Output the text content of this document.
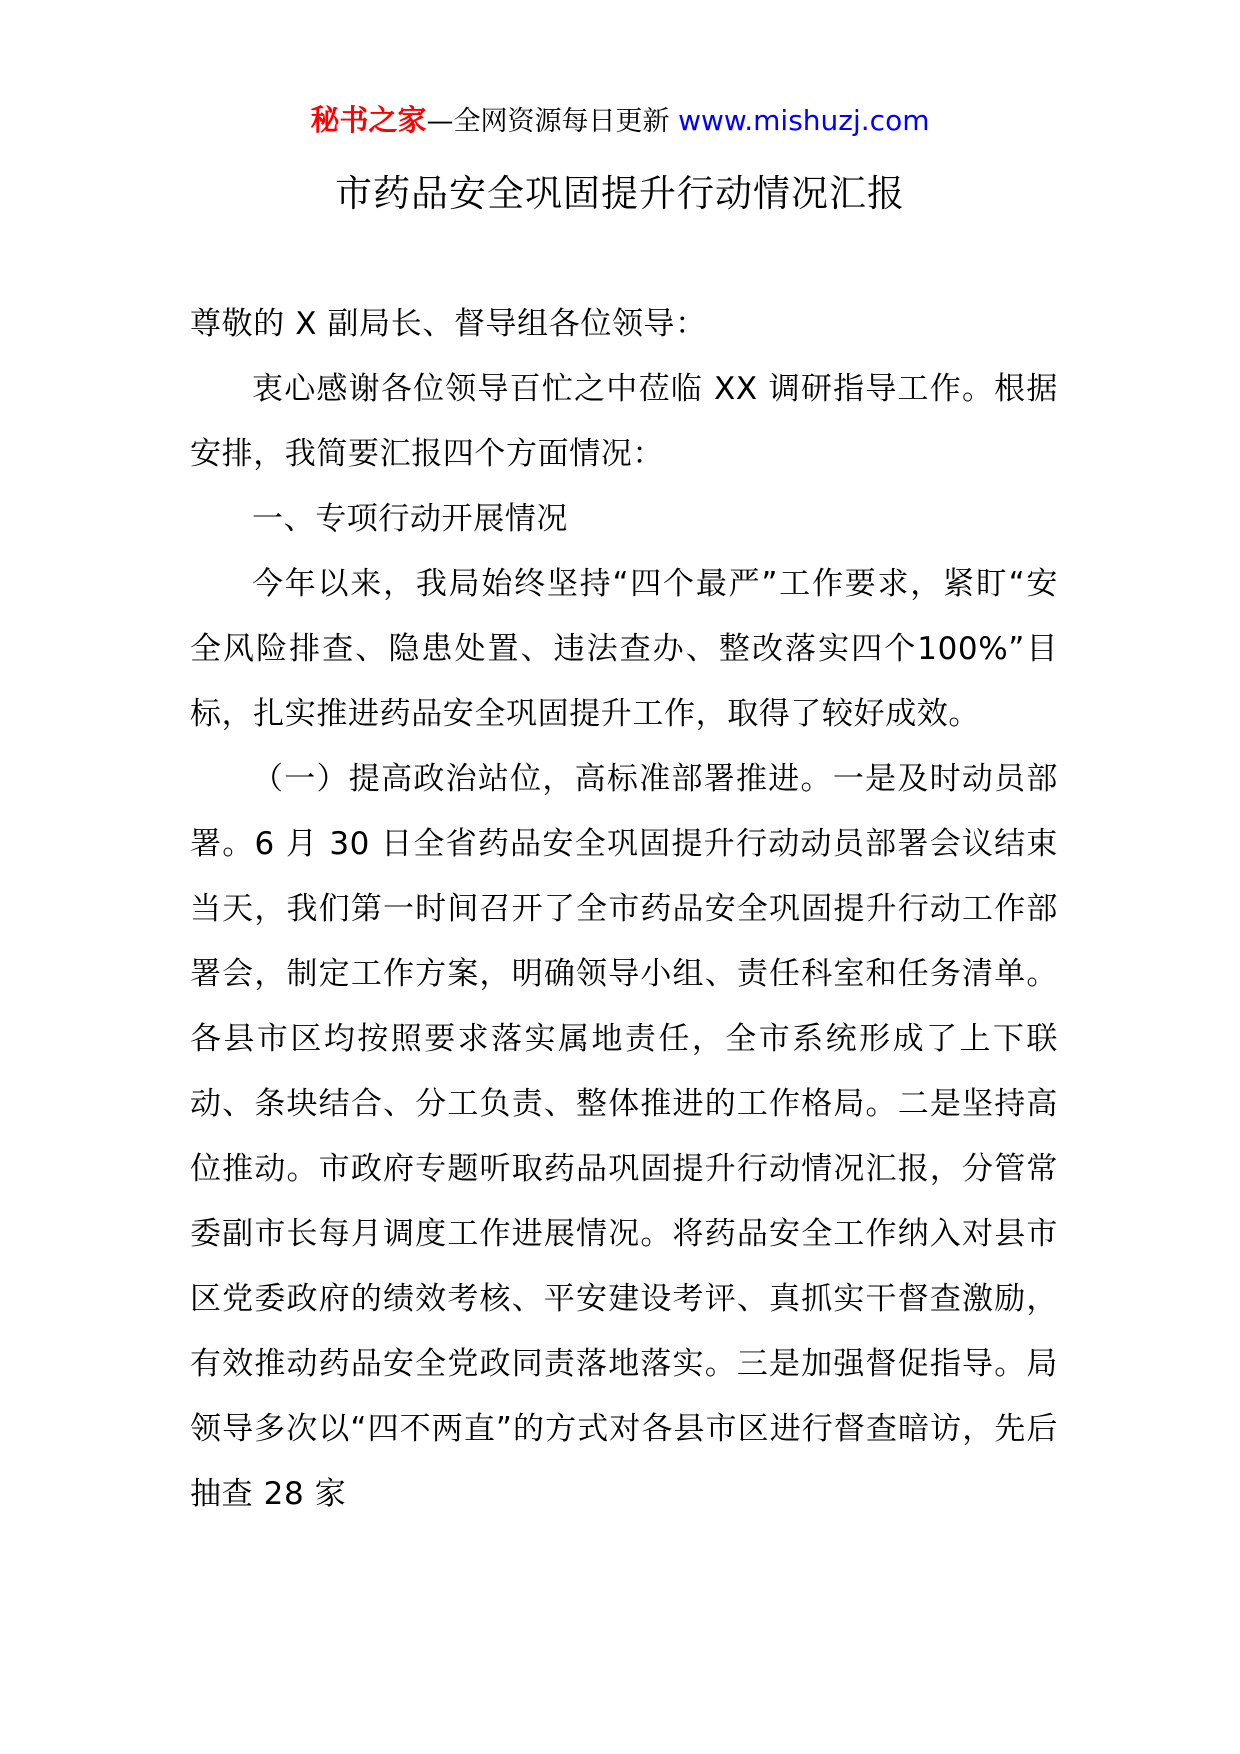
秘书之家—全网资源每日更新 www.mishuzj.com
市药品安全巩固提升行动情况汇报

尊敬的 X 副局长、督导组各位领导：

衷心感谢各位领导百忙之中莅临 XX 调研指导工作。根据安排，我简要汇报四个方面情况：

一、专项行动开展情况

今年以来，我局始终坚持“四个最严”工作要求，紧盯“安全风险排查、隐患处置、违法查办、整改落实四个100%”目标，扎实推进药品安全巩固提升工作，取得了较好成效。

（一）提高政治站位，高标准部署推进。一是及时动员部署。6 月 30 日全省药品安全巩固提升行动动员部署会议结束当天，我们第一时间召开了全市药品安全巩固提升行动工作部署会，制定工作方案，明确领导小组、责任科室和任务清单。各县市区均按照要求落实属地责任，全市系统形成了上下联动、条块结合、分工负责、整体推进的工作格局。二是坚持高位推动。市政府专题听取药品巩固提升行动情况汇报，分管常委副市长每月调度工作进展情况。将药品安全工作纳入对县市区党委政府的绩效考核、平安建设考评、真抓实干督查激励，有效推动药品安全党政同责落地落实。三是加强督促指导。局领导多次以“四不两直”的方式对各县市区进行督查暗访，先后抽查 28 家
